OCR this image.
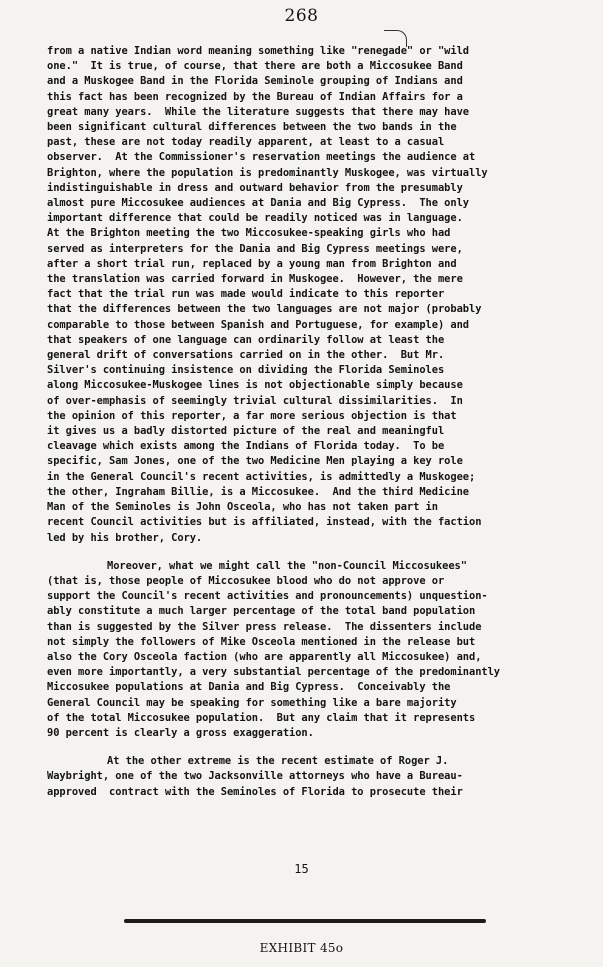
268
from a native Indian word meaning something like "renegade" or "wild
one."  It is true, of course, that there are both a Miccosukee Band
and a Muskogee Band in the Florida Seminole grouping of Indians and
this fact has been recognized by the Bureau of Indian Affairs for a
great many years.  While the literature suggests that there may have
been significant cultural differences between the two bands in the
past, these are not today readily apparent, at least to a casual
observer.  At the Commissioner's reservation meetings the audience at
Brighton, where the population is predominantly Muskogee, was virtually
indistinguishable in dress and outward behavior from the presumably
almost pure Miccosukee audiences at Dania and Big Cypress.  The only
important difference that could be readily noticed was in language.
At the Brighton meeting the two Miccosukee-speaking girls who had
served as interpreters for the Dania and Big Cypress meetings were,
after a short trial run, replaced by a young man from Brighton and
the translation was carried forward in Muskogee.  However, the mere
fact that the trial run was made would indicate to this reporter
that the differences between the two languages are not major (probably
comparable to those between Spanish and Portuguese, for example) and
that speakers of one language can ordinarily follow at least the
general drift of conversations carried on in the other.  But Mr.
Silver's continuing insistence on dividing the Florida Seminoles
along Miccosukee-Muskogee lines is not objectionable simply because
of over-emphasis of seemingly trivial cultural dissimilarities.  In
the opinion of this reporter, a far more serious objection is that
it gives us a badly distorted picture of the real and meaningful
cleavage which exists among the Indians of Florida today.  To be
specific, Sam Jones, one of the two Medicine Men playing a key role
in the General Council's recent activities, is admittedly a Muskogee;
the other, Ingraham Billie, is a Miccosukee.  And the third Medicine
Man of the Seminoles is John Osceola, who has not taken part in
recent Council activities but is affiliated, instead, with the faction
led by his brother, Cory.
Moreover, what we might call the "non-Council Miccosukees"
(that is, those people of Miccosukee blood who do not approve or
support the Council's recent activities and pronouncements) unquestion-
ably constitute a much larger percentage of the total band population
than is suggested by the Silver press release.  The dissenters include
not simply the followers of Mike Osceola mentioned in the release but
also the Cory Osceola faction (who are apparently all Miccosukee) and,
even more importantly, a very substantial percentage of the predominantly
Miccosukee populations at Dania and Big Cypress.  Conceivably the
General Council may be speaking for something like a bare majority
of the total Miccosukee population.  But any claim that it represents
90 percent is clearly a gross exaggeration.
At the other extreme is the recent estimate of Roger J.
Waybright, one of the two Jacksonville attorneys who have a Bureau-
approved  contract with the Seminoles of Florida to prosecute their
15
EXHIBIT 45o
